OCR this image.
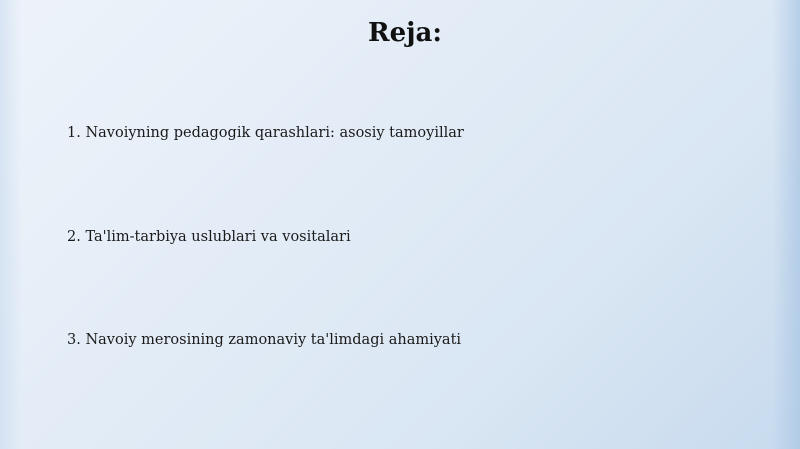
Reja:

1. Navoiyning pedagogik qarashlari: asosiy tamoyillar

2. Ta'lim-tarbiya uslublari va vositalari

3. Navoiy merosining zamonaviy ta'limdagi ahamiyati
